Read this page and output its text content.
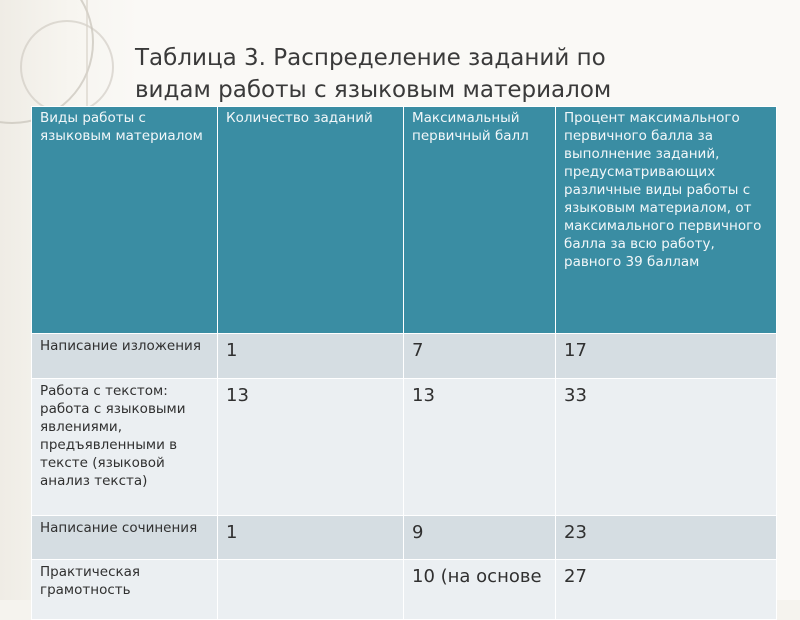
Таблица 3. Распределение заданий по
видам работы с языковым материалом
Виды работы с языковым материалом	Количество заданий	Максимальный первичный балл	Процент максимального первичного балла за выполнение заданий, предусматривающих различные виды работы с языковым материалом, от максимального первичного балла за всю работу, равного 39 баллам
Написание изложения	1	7	17
Работа с текстом: работа с языковыми явлениями, предъявленными в тексте (языковой анализ текста)	13	13	33
Написание сочинения	1	9	23
Практическая грамотность		10 (на основе	27
